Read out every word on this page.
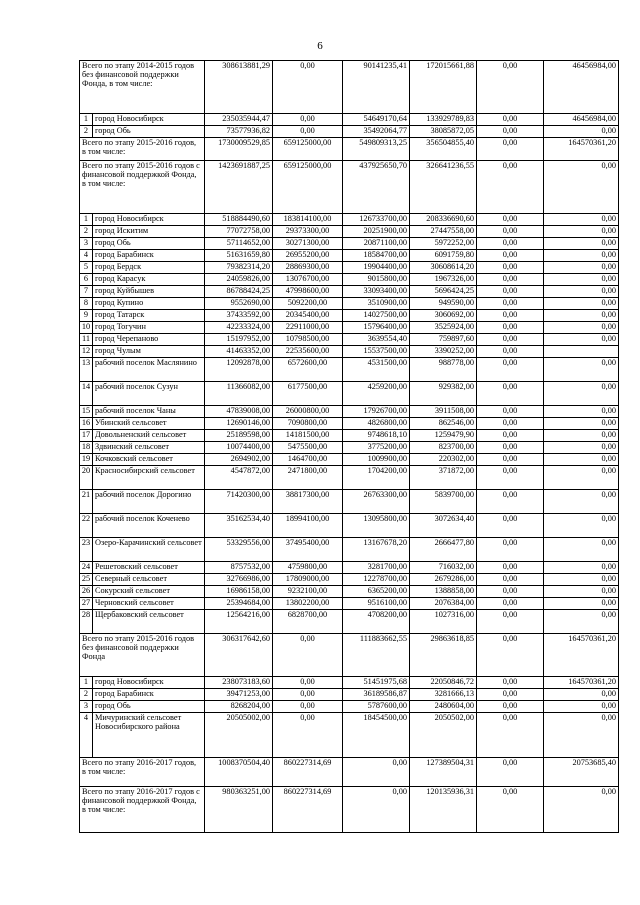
6
Всего по этапу 2014-2015 годов без финансовой поддержки Фонда, в том числе:		308613881,29	0,00	90141235,41	172015661,88	0,00	46456984,00
1	город Новосибирск	235035944,47	0,00	54649170,64	133929789,83	0,00	46456984,00
2	город Обь	73577936,82	0,00	35492064,77	38085872,05	0,00	0,00
Всего по этапу 2015-2016 годов, в том числе:		1730009529,85	659125000,00	549809313,25	356504855,40	0,00	164570361,20
Всего по этапу 2015-2016 годов с финансовой поддержкой Фонда, в том числе:		1423691887,25	659125000,00	437925650,70	326641236,55	0,00	0,00
1	город Новосибирск	518884490,60	183814100,00	126733700,00	208336690,60	0,00	0,00
2	город Искитим	77072758,00	29373300,00	20251900,00	27447558,00	0,00	0,00
3	город Обь	57114652,00	30271300,00	20871100,00	5972252,00	0,00	0,00
4	город Барабинск	51631659,80	26955200,00	18584700,00	6091759,80	0,00	0,00
5	город Бердск	79382314,20	28869300,00	19904400,00	30608614,20	0,00	0,00
6	город Карасук	24059826,00	13076700,00	9015800,00	1967326,00	0,00	0,00
7	город Куйбышев	86788424,25	47998600,00	33093400,00	5696424,25	0,00	0,00
8	город Купино	9552690,00	5092200,00	3510900,00	949590,00	0,00	0,00
9	город Татарск	37433592,00	20345400,00	14027500,00	3060692,00	0,00	0,00
10	город Тогучин	42233324,00	22911000,00	15796400,00	3525924,00	0,00	0,00
11	город Черепаново	15197952,00	10798500,00	3639554,40	759897,60	0,00	0,00
12	город Чулым	41463352,00	22535600,00	15537500,00	3390252,00	0,00	
13	рабочий поселок Маслянино	12092878,00	6572600,00	4531500,00	988778,00	0,00	0,00
14	рабочий поселок Сузун	11366082,00	6177500,00	4259200,00	929382,00	0,00	0,00
15	рабочий поселок Чаны	47839008,00	26000800,00	17926700,00	3911508,00	0,00	0,00
16	Убинский сельсовет	12690146,00	7090800,00	4826800,00	862546,00	0,00	0,00
17	Довольненский сельсовет	25189598,00	14181500,00	9748618,10	1259479,90	0,00	0,00
18	Здвинский сельсовет	10074400,00	5475500,00	3775200,00	823700,00	0,00	0,00
19	Кочковский сельсовет	2694902,00	1464700,00	1009900,00	220302,00	0,00	0,00
20	Красносибирский сельсовет	4547872,00	2471800,00	1704200,00	371872,00	0,00	0,00
21	рабочий поселок Дорогино	71420300,00	38817300,00	26763300,00	5839700,00	0,00	0,00
22	рабочий поселок Коченево	35162534,40	18994100,00	13095800,00	3072634,40	0,00	0,00
23	Озеро-Карачинский сельсовет	53329556,00	37495400,00	13167678,20	2666477,80	0,00	0,00
24	Решетовский сельсовет	8757532,00	4759800,00	3281700,00	716032,00	0,00	0,00
25	Северный сельсовет	32766986,00	17809000,00	12278700,00	2679286,00	0,00	0,00
26	Сокурский сельсовет	16986158,00	9232100,00	6365200,00	1388858,00	0,00	0,00
27	Черновский сельсовет	25394684,00	13802200,00	9516100,00	2076384,00	0,00	0,00
28	Щербаковский сельсовет	12564216,00	6828700,00	4708200,00	1027316,00	0,00	0,00
Всего по этапу 2015-2016 годов без финансовой поддержки Фонда		306317642,60	0,00	111883662,55	29863618,85	0,00	164570361,20
1	город Новосибирск	238073183,60	0,00	51451975,68	22050846,72	0,00	164570361,20
2	город Барабинск	39471253,00	0,00	36189586,87	3281666,13	0,00	0,00
3	город Обь	8268204,00	0,00	5787600,00	2480604,00	0,00	0,00
4	Мичуринский сельсовет Новосибирского района	20505002,00	0,00	18454500,00	2050502,00	0,00	0,00
Всего по этапу 2016-2017 годов, в том числе:		1008370504,40	860227314,69	0,00	127389504,31	0,00	20753685,40
Всего по этапу 2016-2017 годов с финансовой поддержкой Фонда, в том числе:		980363251,00	860227314,69	0,00	120135936,31	0,00	0,00
